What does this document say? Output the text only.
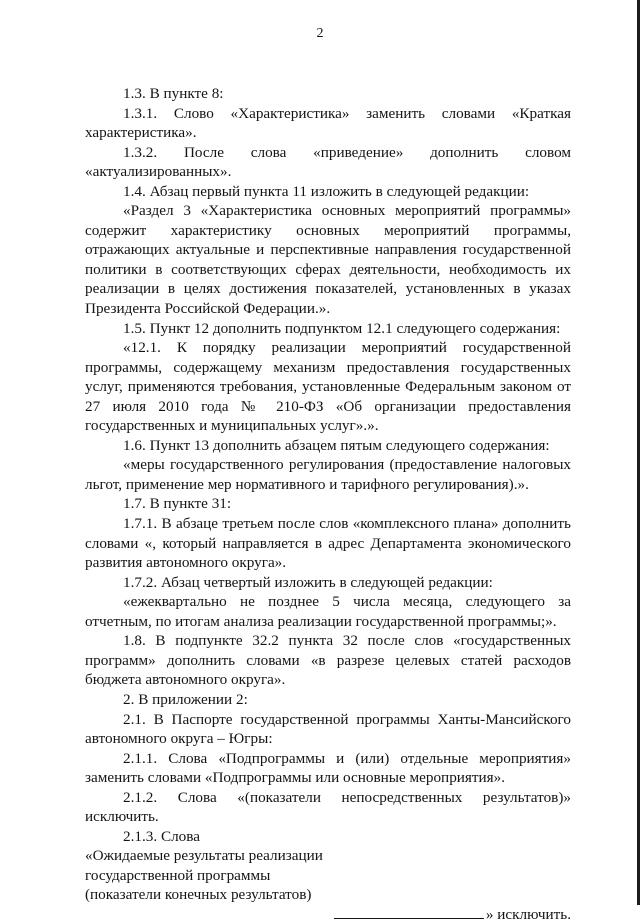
2

1.3. В пункте 8:

1.3.1. Слово «Характеристика» заменить словами «Краткая характеристика».

1.3.2. После слова «приведение» дополнить словом «актуализированных».

1.4. Абзац первый пункта 11 изложить в следующей редакции:

«Раздел 3 «Характеристика основных мероприятий программы» содержит характеристику основных мероприятий программы, отражающих актуальные и перспективные направления государственной политики в соответствующих сферах деятельности, необходимость их реализации в целях достижения показателей, установленных в указах Президента Российской Федерации.».

1.5. Пункт 12 дополнить подпунктом 12.1 следующего содержания:

«12.1. К порядку реализации мероприятий государственной программы, содержащему механизм предоставления государственных услуг, применяются требования, установленные Федеральным законом от 27 июля 2010 года № 210-ФЗ «Об организации предоставления государственных и муниципальных услуг».».

1.6. Пункт 13 дополнить абзацем пятым следующего содержания:

«меры государственного регулирования (предоставление налоговых льгот, применение мер нормативного и тарифного регулирования).».

1.7. В пункте 31:

1.7.1. В абзаце третьем после слов «комплексного плана» дополнить словами «, который направляется в адрес Департамента экономического развития автономного округа».

1.7.2. Абзац четвертый изложить в следующей редакции:

«ежеквартально не позднее 5 числа месяца, следующего за отчетным, по итогам анализа реализации государственной программы;».

1.8. В подпункте 32.2 пункта 32 после слов «государственных программ» дополнить словами «в разрезе целевых статей расходов бюджета автономного округа».

2. В приложении 2:

2.1. В Паспорте государственной программы Ханты-Мансийского автономного округа – Югры:

2.1.1. Слова «Подпрограммы и (или) отдельные мероприятия» заменить словами «Подпрограммы или основные мероприятия».

2.1.2. Слова «(показатели непосредственных результатов)» исключить.

2.1.3. Слова

«Ожидаемые результаты реализации государственной программы (показатели конечных результатов)
» исключить.
